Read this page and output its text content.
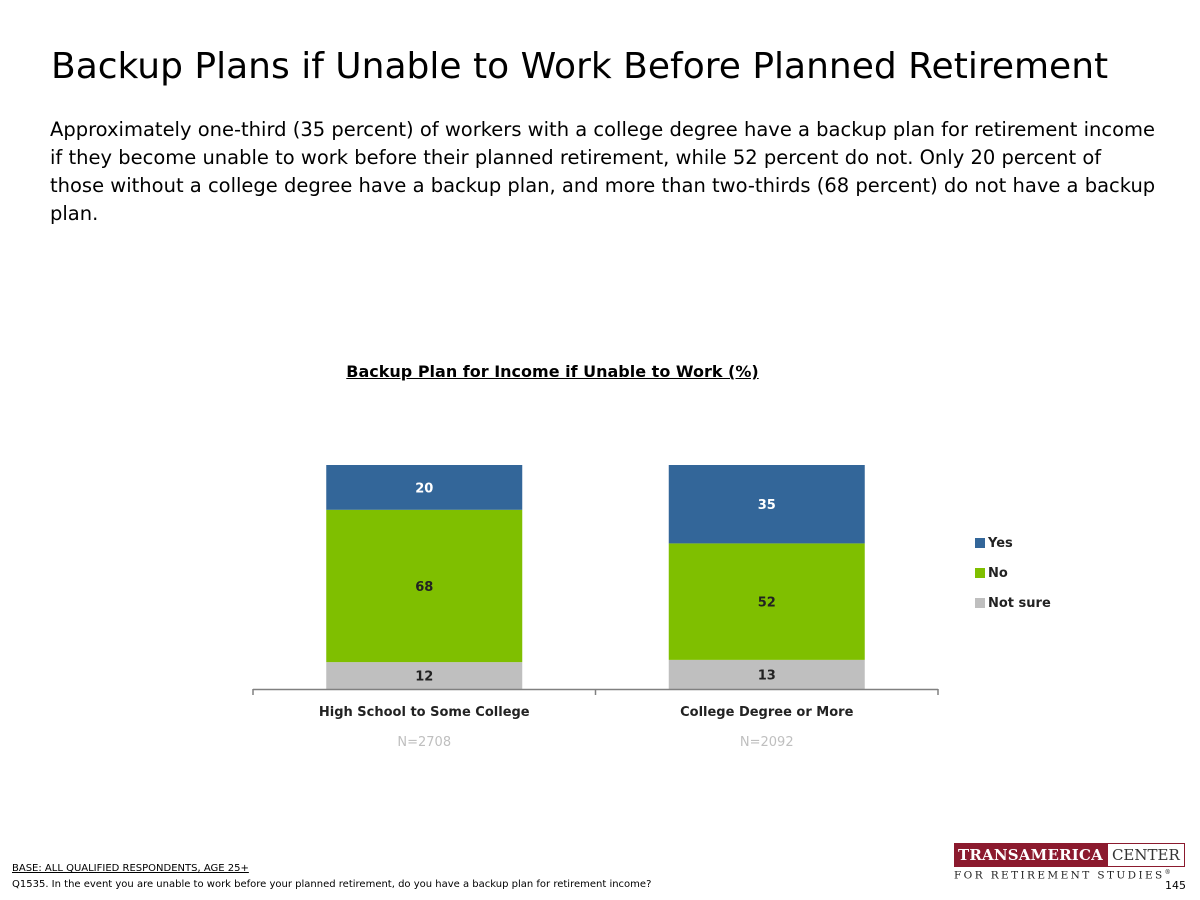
Backup Plans if Unable to Work Before Planned Retirement
Approximately one-third (35 percent) of workers with a college degree have a backup plan for retirement income if they become unable to work before their planned retirement, while 52 percent do not. Only 20 percent of those without a college degree have a backup plan, and more than two-thirds (68 percent) do not have a backup plan.
Backup Plan for Income if Unable to Work (%)
12
68
20
High School to Some College
N=2708
13
52
35
College Degree or More
N=2092
Yes
No
Not sure
BASE: ALL QUALIFIED RESPONDENTS, AGE 25+
Q1535. In the event you are unable to work before your planned retirement, do you have a backup plan for retirement income?
TRANSAMERICA CENTER
FOR RETIREMENT STUDIES®
145
